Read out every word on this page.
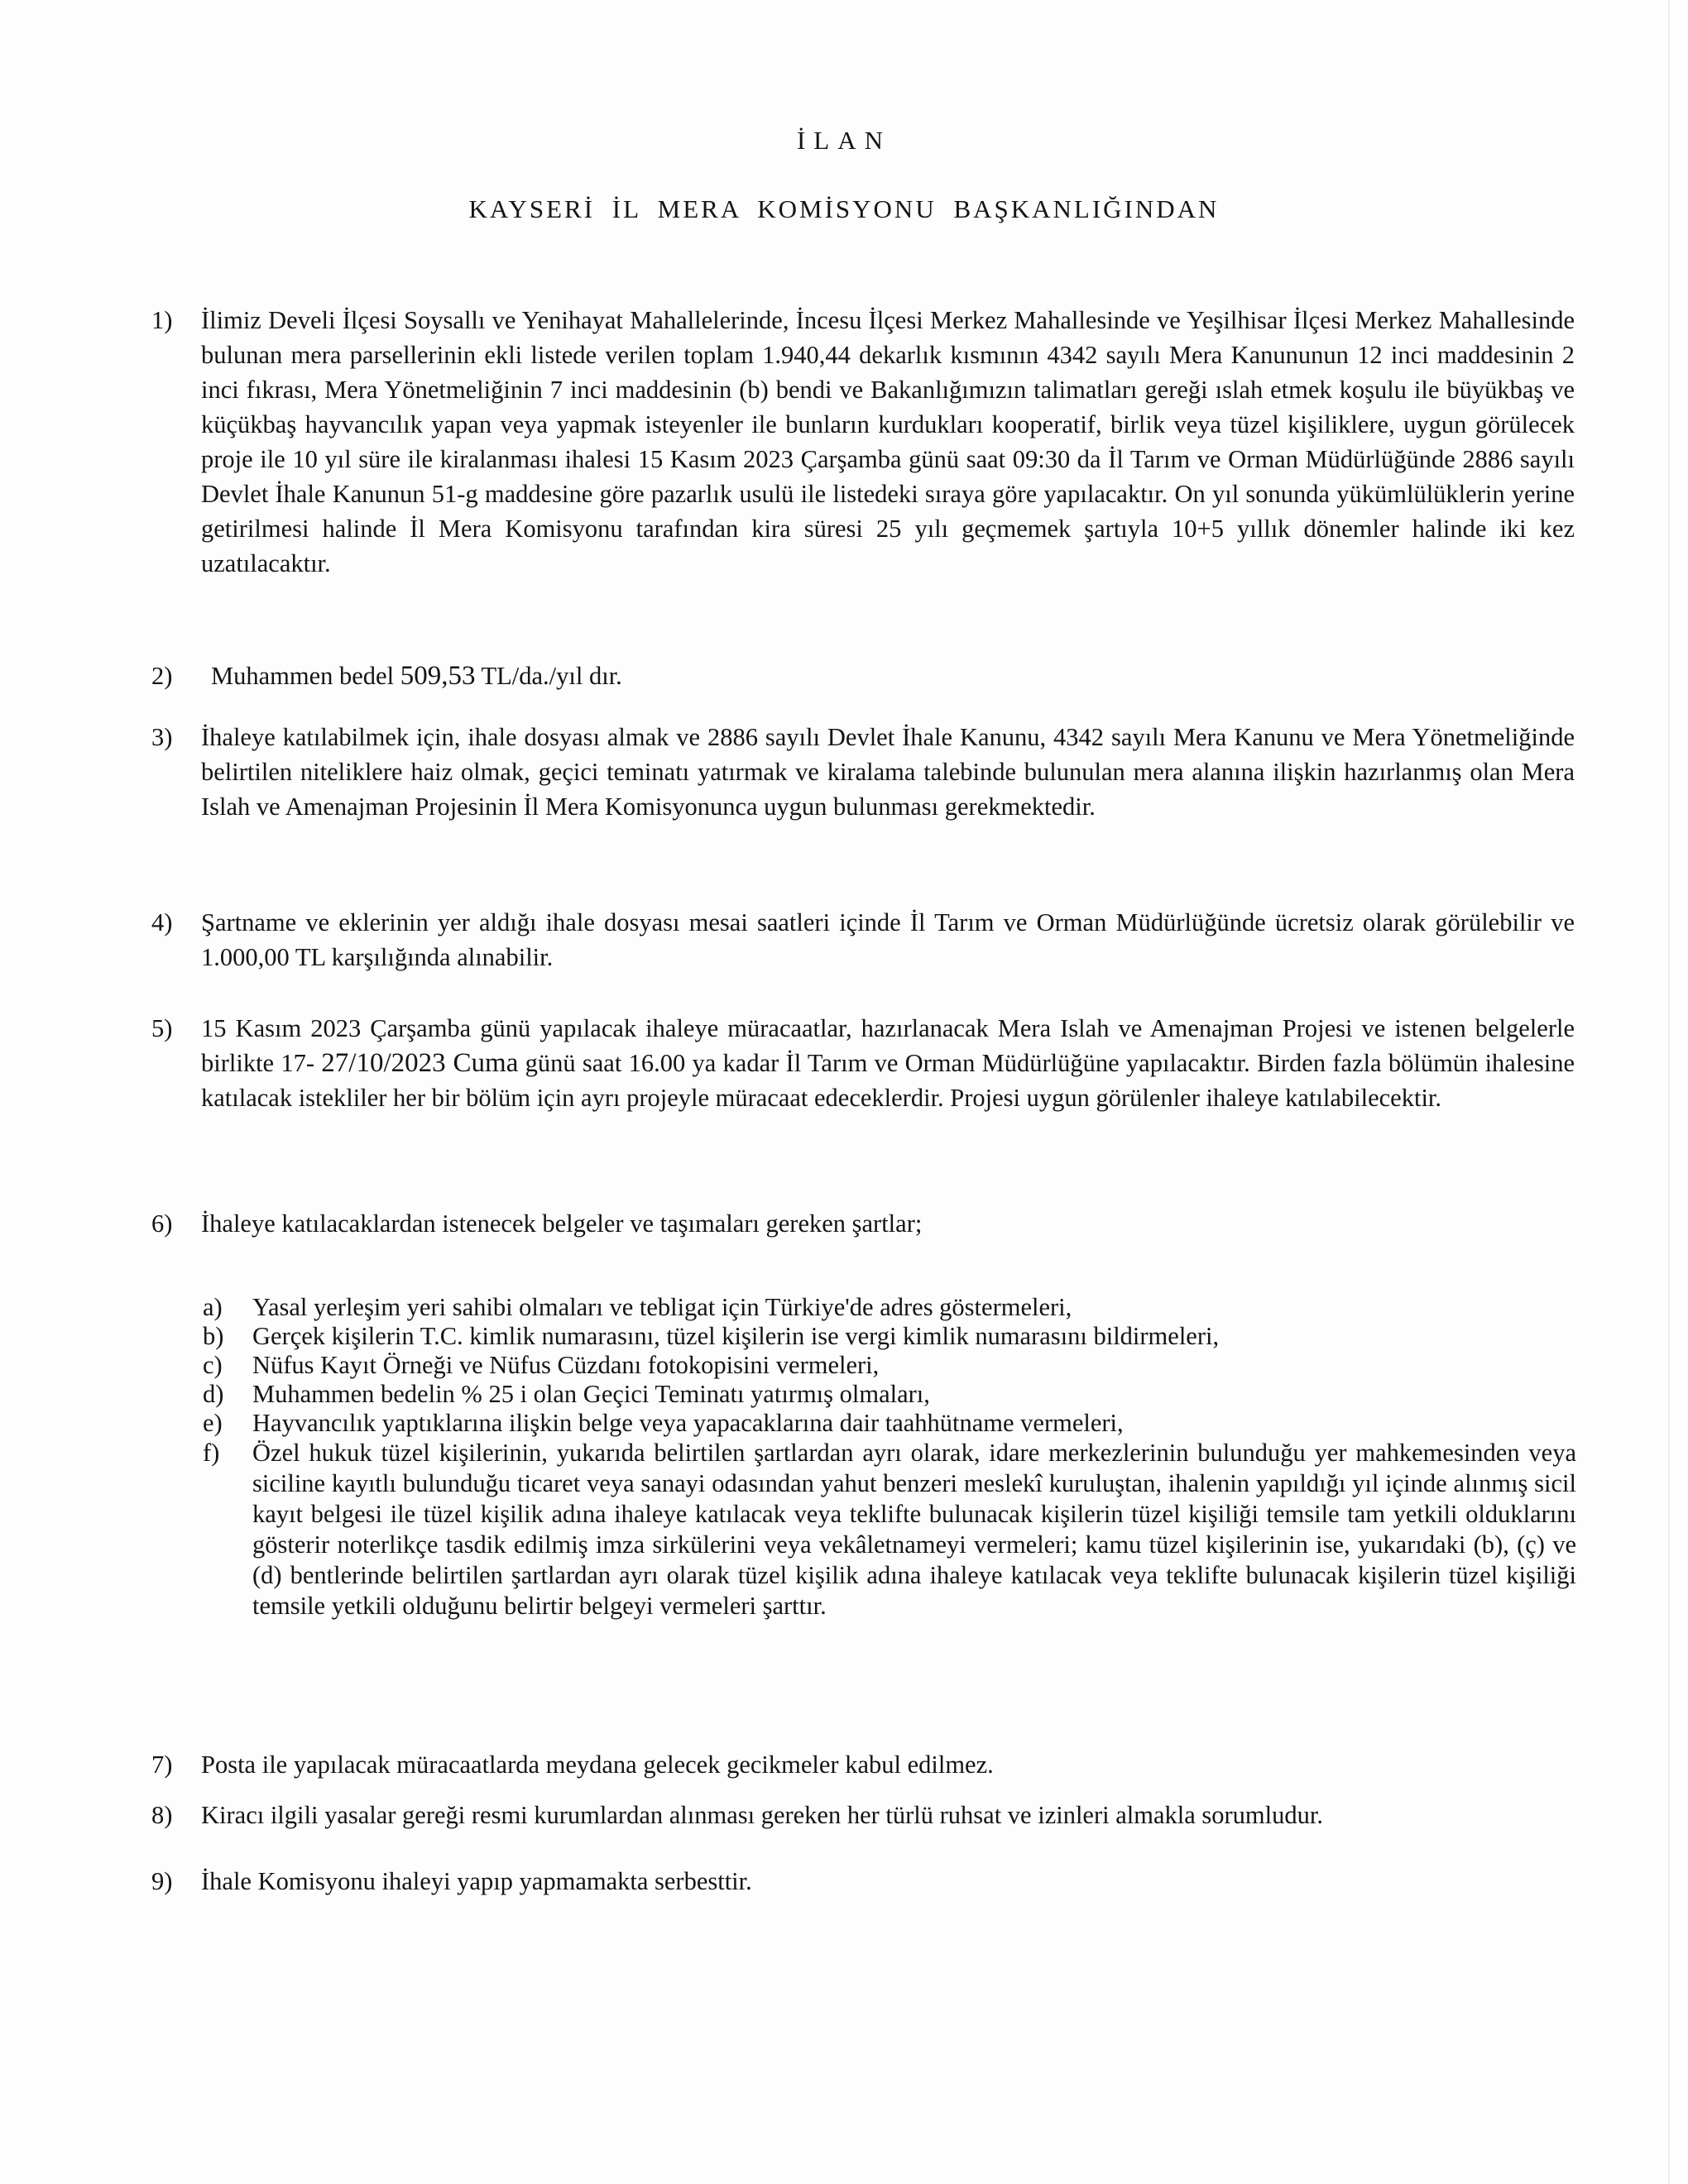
İLAN
KAYSERİ İL MERA KOMİSYONU BAŞKANLIĞINDAN
1) İlimiz Develi İlçesi Soysallı ve Yenihayat Mahallelerinde, İncesu İlçesi Merkez Mahallesinde ve Yeşilhisar İlçesi Merkez Mahallesinde bulunan mera parsellerinin ekli listede verilen toplam 1.940,44 dekarlık kısmının 4342 sayılı Mera Kanununun 12 inci maddesinin 2 inci fıkrası, Mera Yönetmeliğinin 7 inci maddesinin (b) bendi ve Bakanlığımızın talimatları gereği ıslah etmek koşulu ile büyükbaş ve küçükbaş hayvancılık yapan veya yapmak isteyenler ile bunların kurdukları kooperatif, birlik veya tüzel kişiliklere, uygun görülecek proje ile 10 yıl süre ile kiralanması ihalesi 15 Kasım 2023 Çarşamba günü saat 09:30 da İl Tarım ve Orman Müdürlüğünde 2886 sayılı Devlet İhale Kanunun 51-g maddesine göre pazarlık usulü ile listedeki sıraya göre yapılacaktır. On yıl sonunda yükümlülüklerin yerine getirilmesi halinde İl Mera Komisyonu tarafından kira süresi 25 yılı geçmemek şartıyla 10+5 yıllık dönemler halinde iki kez uzatılacaktır.

2) Muhammen bedel 509,53 TL/da./yıl dır.

3) İhaleye katılabilmek için, ihale dosyası almak ve 2886 sayılı Devlet İhale Kanunu, 4342 sayılı Mera Kanunu ve Mera Yönetmeliğinde belirtilen niteliklere haiz olmak, geçici teminatı yatırmak ve kiralama talebinde bulunulan mera alanına ilişkin hazırlanmış olan Mera Islah ve Amenajman Projesinin İl Mera Komisyonunca uygun bulunması gerekmektedir.

4) Şartname ve eklerinin yer aldığı ihale dosyası mesai saatleri içinde İl Tarım ve Orman Müdürlüğünde ücretsiz olarak görülebilir ve 1.000,00 TL karşılığında alınabilir.

5) 15 Kasım 2023 Çarşamba günü yapılacak ihaleye müracaatlar, hazırlanacak Mera Islah ve Amenajman Projesi ve istenen belgelerle birlikte 17- 27/10/2023 Cuma günü saat 16.00 ya kadar İl Tarım ve Orman Müdürlüğüne yapılacaktır. Birden fazla bölümün ihalesine katılacak istekliler her bir bölüm için ayrı projeyle müracaat edeceklerdir. Projesi uygun görülenler ihaleye katılabilecektir.

6) İhaleye katılacaklardan istenecek belgeler ve taşımaları gereken şartlar;

a) Yasal yerleşim yeri sahibi olmaları ve tebligat için Türkiye'de adres göstermeleri,

b) Gerçek kişilerin T.C. kimlik numarasını, tüzel kişilerin ise vergi kimlik numarasını bildirmeleri,

c) Nüfus Kayıt Örneği ve Nüfus Cüzdanı fotokopisini vermeleri,

d) Muhammen bedelin % 25 i olan Geçici Teminatı yatırmış olmaları,

e) Hayvancılık yaptıklarına ilişkin belge veya yapacaklarına dair taahhütname vermeleri,

f) Özel hukuk tüzel kişilerinin, yukarıda belirtilen şartlardan ayrı olarak, idare merkezlerinin bulunduğu yer mahkemesinden veya siciline kayıtlı bulunduğu ticaret veya sanayi odasından yahut benzeri meslekî kuruluştan, ihalenin yapıldığı yıl içinde alınmış sicil kayıt belgesi ile tüzel kişilik adına ihaleye katılacak veya teklifte bulunacak kişilerin tüzel kişiliği temsile tam yetkili olduklarını gösterir noterlikçe tasdik edilmiş imza sirkülerini veya vekâletnameyi vermeleri; kamu tüzel kişilerinin ise, yukarıdaki (b), (ç) ve (d) bentlerinde belirtilen şartlardan ayrı olarak tüzel kişilik adına ihaleye katılacak veya teklifte bulunacak kişilerin tüzel kişiliği temsile yetkili olduğunu belirtir belgeyi vermeleri şarttır.

7) Posta ile yapılacak müracaatlarda meydana gelecek gecikmeler kabul edilmez.

8) Kiracı ilgili yasalar gereği resmi kurumlardan alınması gereken her türlü ruhsat ve izinleri almakla sorumludur.

9) İhale Komisyonu ihaleyi yapıp yapmamakta serbesttir.
